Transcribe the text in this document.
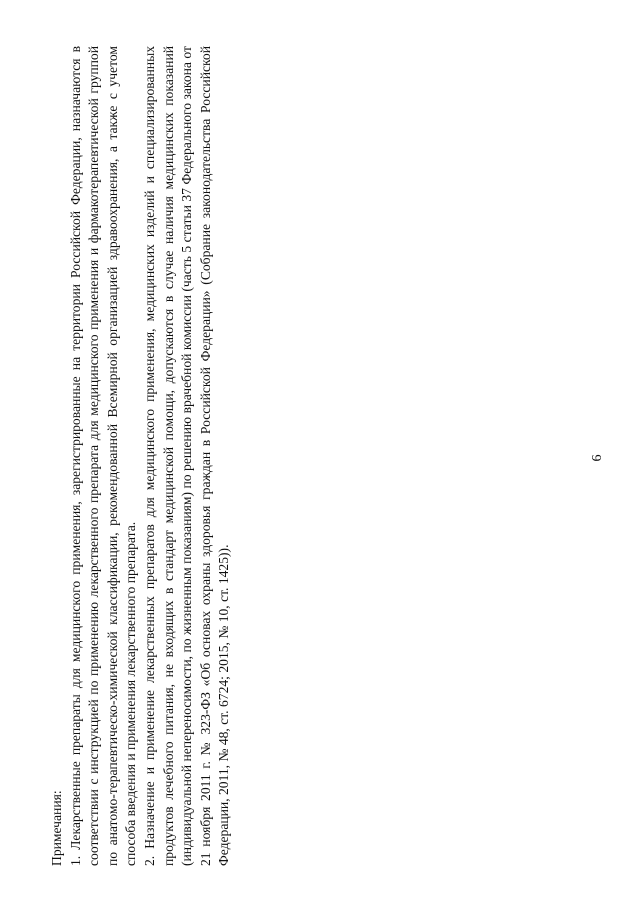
Примечания: 1. Лекарственные препараты для медицинского применения, зарегистрированные на территории Российской Федерации, назначаются в соответствии с инструкцией по применению лекарственного препарата для медицинского применения и фармакотерапевтической группой по анатомо-терапевтическо-химической классификации, рекомендованной Всемирной организацией здравоохранения, а также с учетом способа введения и применения лекарственного препарата. 2. Назначение и применение лекарственных препаратов для медицинского применения, медицинских изделий и специализированных продуктов лечебного питания, не входящих в стандарт медицинской помощи, допускаются в случае наличия медицинских показаний (индивидуальной непереносимости, по жизненным показаниям) по решению врачебной комиссии (часть 5 статьи 37 Федерального закона от 21 ноября 2011 г. № 323-ФЗ «Об основах охраны здоровья граждан в Российской Федерации» (Собрание законодательства Российской Федерации, 2011, № 48, ст. 6724; 2015, № 10, ст. 1425)).

6
